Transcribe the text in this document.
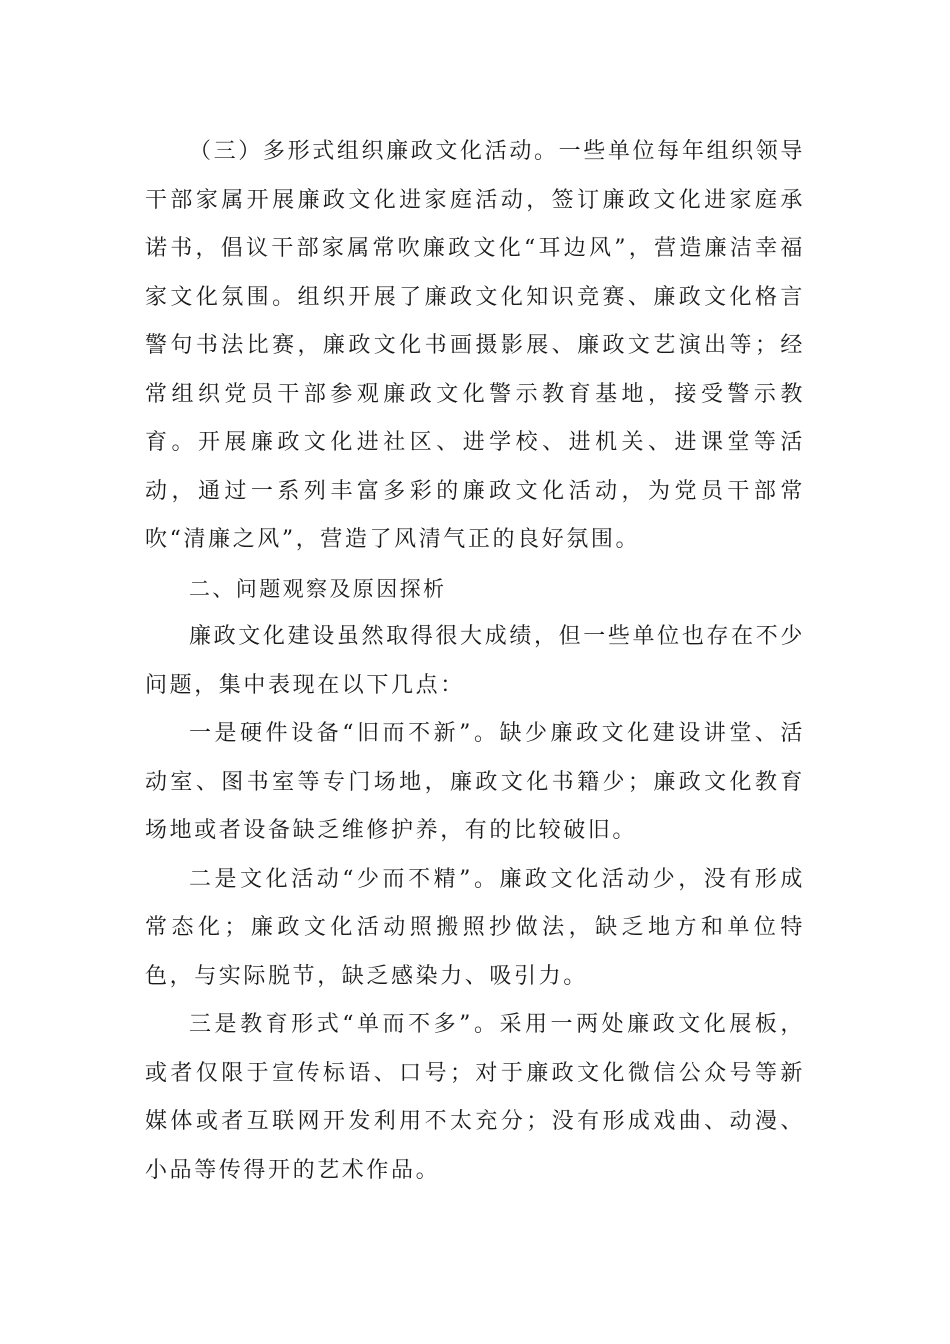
（三）多形式组织廉政文化活动。一些单位每年组织领导干部家属开展廉政文化进家庭活动，签订廉政文化进家庭承诺书，倡议干部家属常吹廉政文化“耳边风”，营造廉洁幸福家文化氛围。组织开展了廉政文化知识竞赛、廉政文化格言警句书法比赛，廉政文化书画摄影展、廉政文艺演出等；经常组织党员干部参观廉政文化警示教育基地，接受警示教育。开展廉政文化进社区、进学校、进机关、进课堂等活动，通过一系列丰富多彩的廉政文化活动，为党员干部常吹“清廉之风”，营造了风清气正的良好氛围。

二、问题观察及原因探析

廉政文化建设虽然取得很大成绩，但一些单位也存在不少问题，集中表现在以下几点：

一是硬件设备“旧而不新”。缺少廉政文化建设讲堂、活动室、图书室等专门场地，廉政文化书籍少；廉政文化教育场地或者设备缺乏维修护养，有的比较破旧。

二是文化活动“少而不精”。廉政文化活动少，没有形成常态化；廉政文化活动照搬照抄做法，缺乏地方和单位特色，与实际脱节，缺乏感染力、吸引力。

三是教育形式“单而不多”。采用一两处廉政文化展板，或者仅限于宣传标语、口号；对于廉政文化微信公众号等新媒体或者互联网开发利用不太充分；没有形成戏曲、动漫、小品等传得开的艺术作品。
